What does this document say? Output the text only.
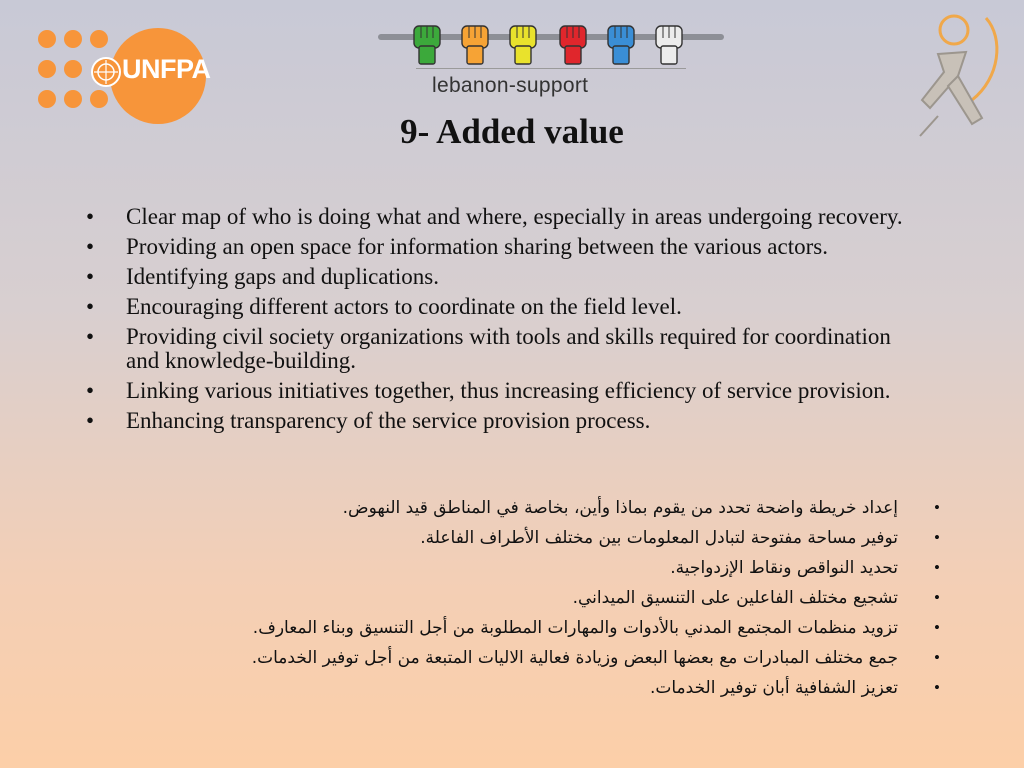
UNFPA
lebanon-support
9- Added value
• Clear map of who is doing what and where, especially in areas undergoing recovery.
• Providing an open space for information sharing between the various actors.
• Identifying gaps and duplications.
• Encouraging different actors to coordinate on the field level.
• Providing civil society organizations with tools and skills required for coordination and knowledge-building.
• Linking various initiatives together, thus increasing efficiency of service provision.
• Enhancing transparency of the service provision process.
•
إعداد خريطة واضحة تحدد من يقوم بماذا وأين، بخاصة في المناطق قيد النهوض.
•
توفير مساحة مفتوحة لتبادل المعلومات بين مختلف الأطراف الفاعلة.
•
تحديد النواقص ونقاط الإزدواجية.
•
تشجيع مختلف الفاعلين على التنسيق الميداني.
•
تزويد منظمات المجتمع المدني بالأدوات والمهارات المطلوبة من أجل التنسيق وبناء المعارف.
•
جمع مختلف المبادرات مع بعضها البعض وزيادة فعالية الاليات المتبعة من أجل توفير الخدمات.
•
تعزيز الشفافية أبان توفير الخدمات.
